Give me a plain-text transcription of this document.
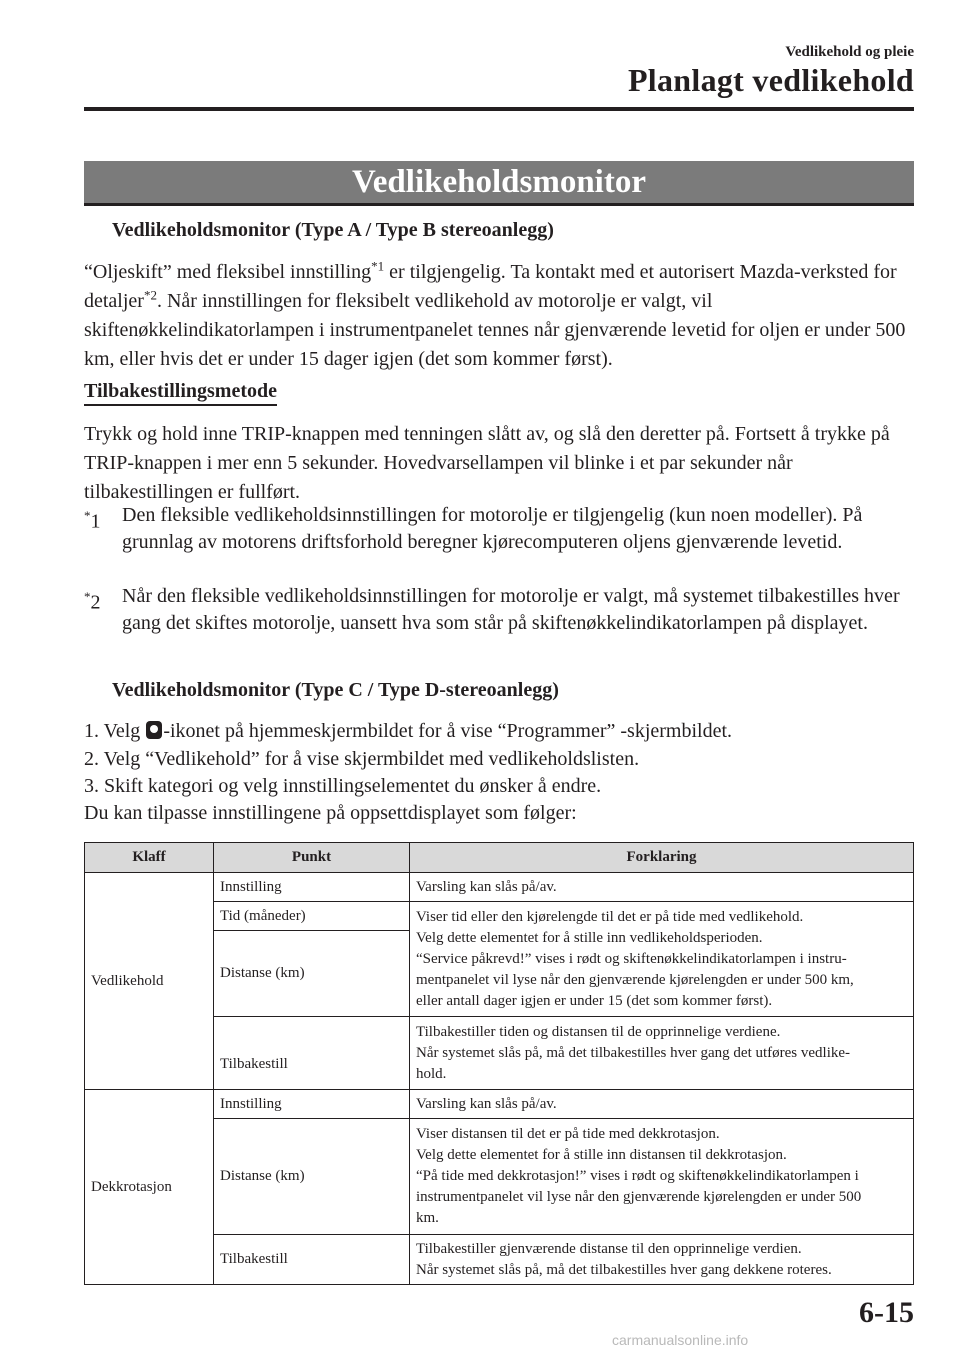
Vedlikehold og pleie
Planlagt vedlikehold
Vedlikeholdsmonitor
Vedlikeholdsmonitor (Type A / Type B stereoanlegg)
“Oljeskift” med fleksibel innstilling$^{*1}$ er tilgjengelig. Ta kontakt med et autorisert Mazda-verksted for detaljer$^{*2}$. Når innstillingen for fleksibelt vedlikehold av motorolje er valgt, vil skiftenøkkelindikatorlampen i instrumentpanelet tennes når gjenværende levetid for oljen er under 500 km, eller hvis det er under 15 dager igjen (det som kommer først).
Tilbakestillingsmetode
Trykk og hold inne TRIP-knappen med tenningen slått av, og slå den deretter på. Fortsett å trykke på TRIP-knappen i mer enn 5 sekunder. Hovedvarsellampen vil blinke i et par sekunder når tilbakestillingen er fullført.
*1 Den fleksible vedlikeholdsinnstillingen for motorolje er tilgjengelig (kun noen modeller). På grunnlag av motorens driftsforhold beregner kjørecomputeren oljens gjenværende levetid.
*2 Når den fleksible vedlikeholdsinnstillingen for motorolje er valgt, må systemet tilbakestilles hver gang det skiftes motorolje, uansett hva som står på skiftenøkkelindikatorlampen på displayet.
Vedlikeholdsmonitor (Type C / Type D-stereoanlegg)
1. Velg -ikonet på hjemmeskjermbildet for å vise “Programmer” -skjermbildet.
2. Velg “Vedlikehold” for å vise skjermbildet med vedlikeholdslisten.
3. Skift kategori og velg innstillingselementet du ønsker å endre.
Du kan tilpasse innstillingene på oppsettdisplayet som følger:
Klaff	Punkt	Forklaring
Vedlikehold	Innstilling	Varsling kan slås på/av.
	Tid (måneder)	Viser tid eller den kjørelengde til det er på tide med vedlikehold.
Velg dette elementet for å stille inn vedlikeholdsperioden.
“Service påkrevd!” vises i rødt og skiftenøkkelindikatorlampen i instru-
mentpanelet vil lyse når den gjenværende kjørelengden er under 500 km,
eller antall dager igjen er under 15 (det som kommer først).

	Distanse (km)	
	Tilbakestill	Tilbakestiller tiden og distansen til de opprinnelige verdiene.
Når systemet slås på, må det tilbakestilles hver gang det utføres vedlike-
hold.

Dekkrotasjon	Innstilling	Varsling kan slås på/av.
	Distanse (km)	Viser distansen til det er på tide med dekkrotasjon.
Velg dette elementet for å stille inn distansen til dekkrotasjon.
“På tide med dekkrotasjon!” vises i rødt og skiftenøkkelindikatorlampen i
instrumentpanelet vil lyse når den gjenværende kjørelengden er under 500
km.

	Tilbakestill	Tilbakestiller gjenværende distanse til den opprinnelige verdien.
Når systemet slås på, må det tilbakestilles hver gang dekkene roteres.
6-15
carmanualsonline.info
